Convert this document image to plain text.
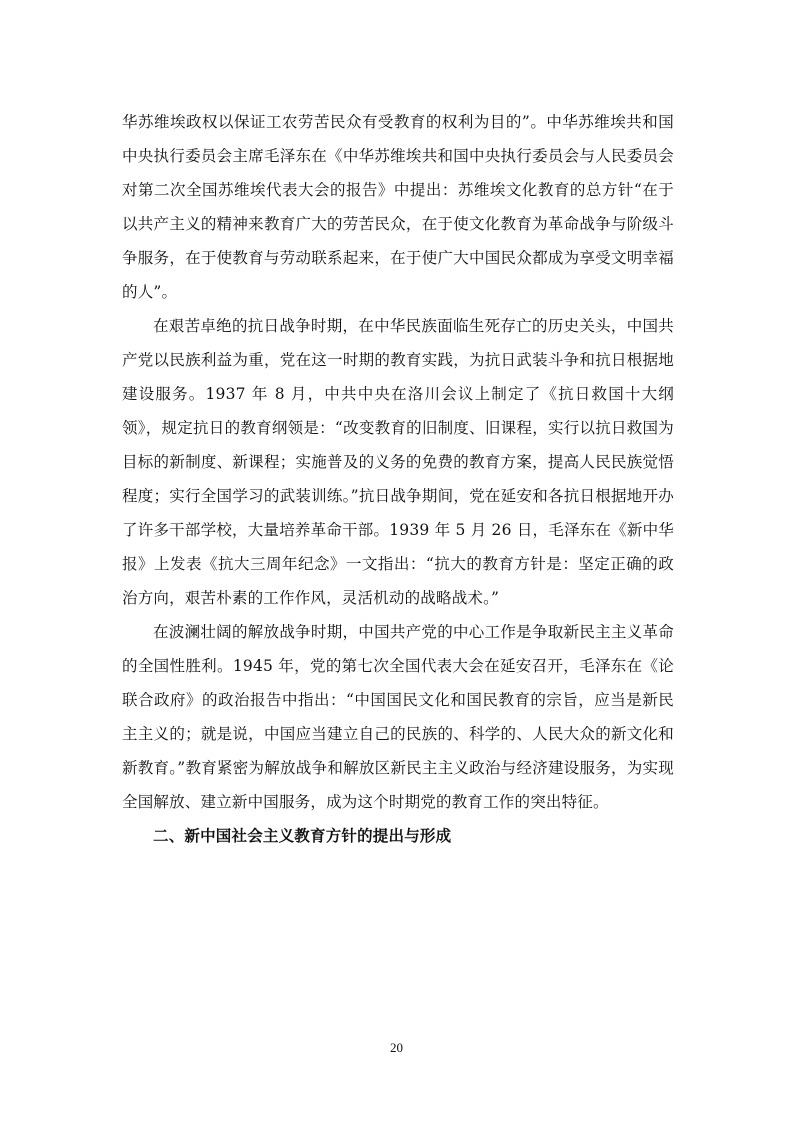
华苏维埃政权以保证工农劳苦民众有受教育的权利为目的”。中华苏维埃共和国中央执行委员会主席毛泽东在《中华苏维埃共和国中央执行委员会与人民委员会对第二次全国苏维埃代表大会的报告》中提出：苏维埃文化教育的总方针“在于以共产主义的精神来教育广大的劳苦民众，在于使文化教育为革命战争与阶级斗争服务，在于使教育与劳动联系起来，在于使广大中国民众都成为享受文明幸福的人”。

在艰苦卓绝的抗日战争时期，在中华民族面临生死存亡的历史关头，中国共产党以民族利益为重，党在这一时期的教育实践，为抗日武装斗争和抗日根据地建设服务。1937 年 8 月，中共中央在洛川会议上制定了《抗日救国十大纲领》，规定抗日的教育纲领是：“改变教育的旧制度、旧课程，实行以抗日救国为目标的新制度、新课程；实施普及的义务的免费的教育方案，提高人民民族觉悟程度；实行全国学习的武装训练。”抗日战争期间，党在延安和各抗日根据地开办了许多干部学校，大量培养革命干部。1939 年 5 月 26 日，毛泽东在《新中华报》上发表《抗大三周年纪念》一文指出：“抗大的教育方针是：坚定正确的政治方向，艰苦朴素的工作作风，灵活机动的战略战术。”

在波澜壮阔的解放战争时期，中国共产党的中心工作是争取新民主主义革命的全国性胜利。1945 年，党的第七次全国代表大会在延安召开，毛泽东在《论联合政府》的政治报告中指出：“中国国民文化和国民教育的宗旨，应当是新民主主义的；就是说，中国应当建立自己的民族的、科学的、人民大众的新文化和新教育。”教育紧密为解放战争和解放区新民主主义政治与经济建设服务，为实现全国解放、建立新中国服务，成为这个时期党的教育工作的突出特征。

二、新中国社会主义教育方针的提出与形成

20
